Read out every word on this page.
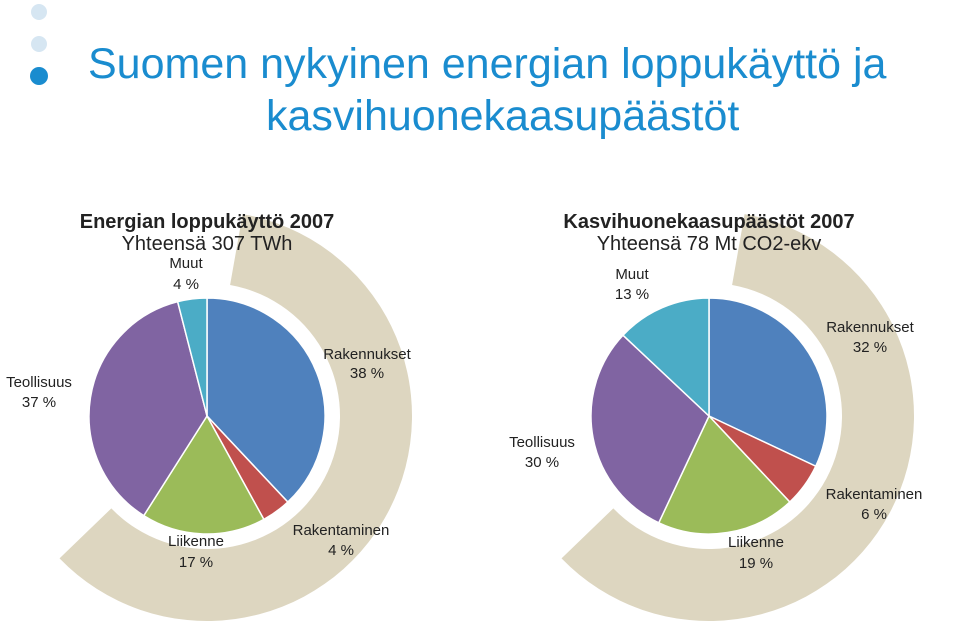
Suomen nykyinen energian loppukäyttö ja
kasvihuonekaasupäästöt
Energian loppukäyttö 2007
Yhteensä 307 TWh
Rakennukset
38 %
Rakentaminen
4 %
Liikenne
17 %
Teollisuus
37 %
Muut
4 %
Kasvihuonekaasupäästöt 2007
Yhteensä 78 Mt CO2-ekv
Rakennukset
32 %
Rakentaminen
6 %
Liikenne
19 %
Teollisuus
30 %
Muut
13 %
